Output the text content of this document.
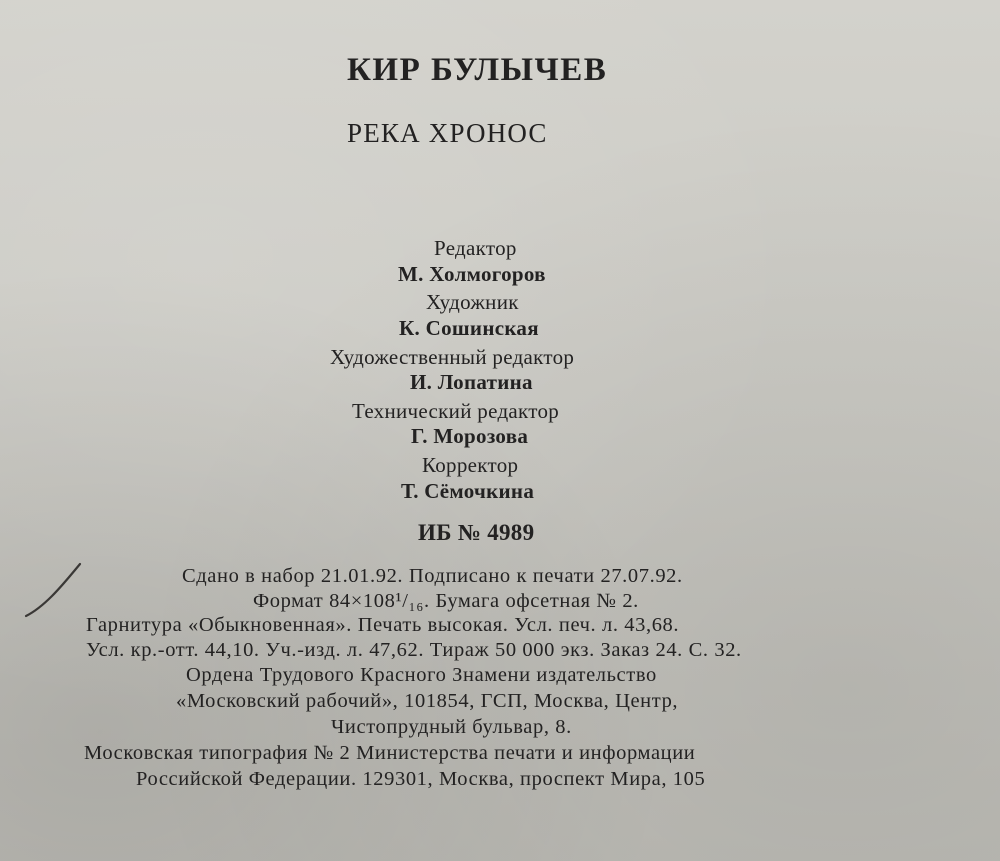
КИР БУЛЫЧЕВ
РЕКА ХРОНОС
Редактор
М. Холмогоров
Художник
К. Сошинская
Художественный редактор
И. Лопатина
Технический редактор
Г. Морозова
Корректор
Т. Сёмочкина
ИБ № 4989
Сдано в набор 21.01.92. Подписано к печати 27.07.92.
Формат 84×108¹/₁₆. Бумага офсетная № 2.
Гарнитура «Обыкновенная». Печать высокая. Усл. печ. л. 43,68.
Усл. кр.-отт. 44,10. Уч.-изд. л. 47,62. Тираж 50 000 экз. Заказ 24. С. 32.
Ордена Трудового Красного Знамени издательство
«Московский рабочий», 101854, ГСП, Москва, Центр,
Чистопрудный бульвар, 8.
Московская типография № 2 Министерства печати и информации
Российской Федерации. 129301, Москва, проспект Мира, 105
